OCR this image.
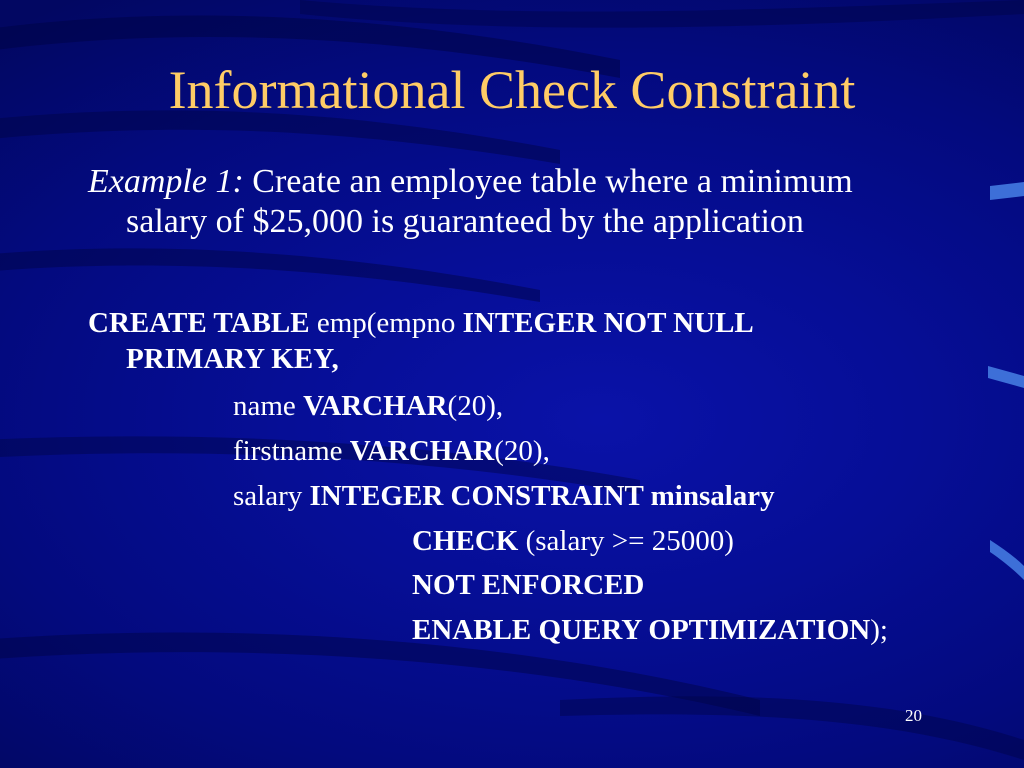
Informational Check Constraint
Example 1: Create an employee table where a minimum
salary of $25,000 is guaranteed by the application
CREATE TABLE emp(empno INTEGER NOT NULL
PRIMARY KEY,
name VARCHAR(20),
firstname VARCHAR(20),
salary INTEGER CONSTRAINT minsalary
CHECK (salary >= 25000)
NOT ENFORCED
ENABLE QUERY OPTIMIZATION);
20
